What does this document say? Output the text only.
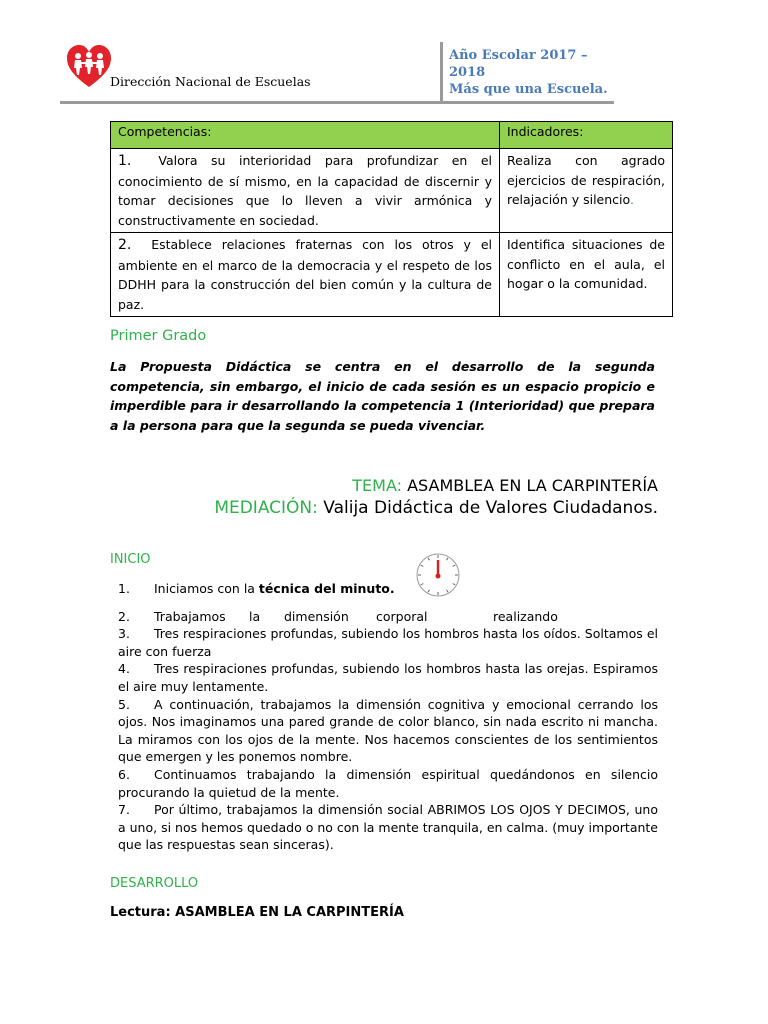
Dirección Nacional de Escuelas
Año Escolar 2017 –
2018
Más que una Escuela.
Competencias:	Indicadores:
1. Valora su interioridad para profundizar en el conocimiento de sí mismo, en la capacidad de discernir y tomar decisiones que lo lleven a vivir armónica y constructivamente en sociedad.	Realiza con agrado ejercicios de respiración, relajación y silencio.
2. Establece relaciones fraternas con los otros y el ambiente en el marco de la democracia y el respeto de los DDHH para la construcción del bien común y la cultura de paz.	Identifica situaciones de conflicto en el aula, el hogar o la comunidad.
Primer Grado
La Propuesta Didáctica se centra en el desarrollo de la segunda competencia, sin embargo, el inicio de cada sesión es un espacio propicio e imperdible para ir desarrollando la competencia 1 (Interioridad) que prepara a la persona para que la segunda se pueda vivenciar.
TEMA: ASAMBLEA EN LA CARPINTERÍA
MEDIACIÓN: Valija Didáctica de Valores Ciudadanos.
INICIO
1. Iniciamos con la técnica del minuto.
2.	Trabajamos	la	dimensión	corporal	realizando
3. Tres respiraciones profundas, subiendo los hombros hasta los oídos. Soltamos el aire con fuerza
4. Tres respiraciones profundas, subiendo los hombros hasta las orejas. Espiramos el aire muy lentamente.
5. A continuación, trabajamos la dimensión cognitiva y emocional cerrando los ojos. Nos imaginamos una pared grande de color blanco, sin nada escrito ni mancha. La miramos con los ojos de la mente. Nos hacemos conscientes de los sentimientos que emergen y les ponemos nombre.
6. Continuamos trabajando la dimensión espiritual quedándonos en silencio procurando la quietud de la mente.
7. Por último, trabajamos la dimensión social ABRIMOS LOS OJOS Y DECIMOS, uno a uno, si nos hemos quedado o no con la mente tranquila, en calma. (muy importante que las respuestas sean sinceras).
DESARROLLO
Lectura: ASAMBLEA EN LA CARPINTERÍA
